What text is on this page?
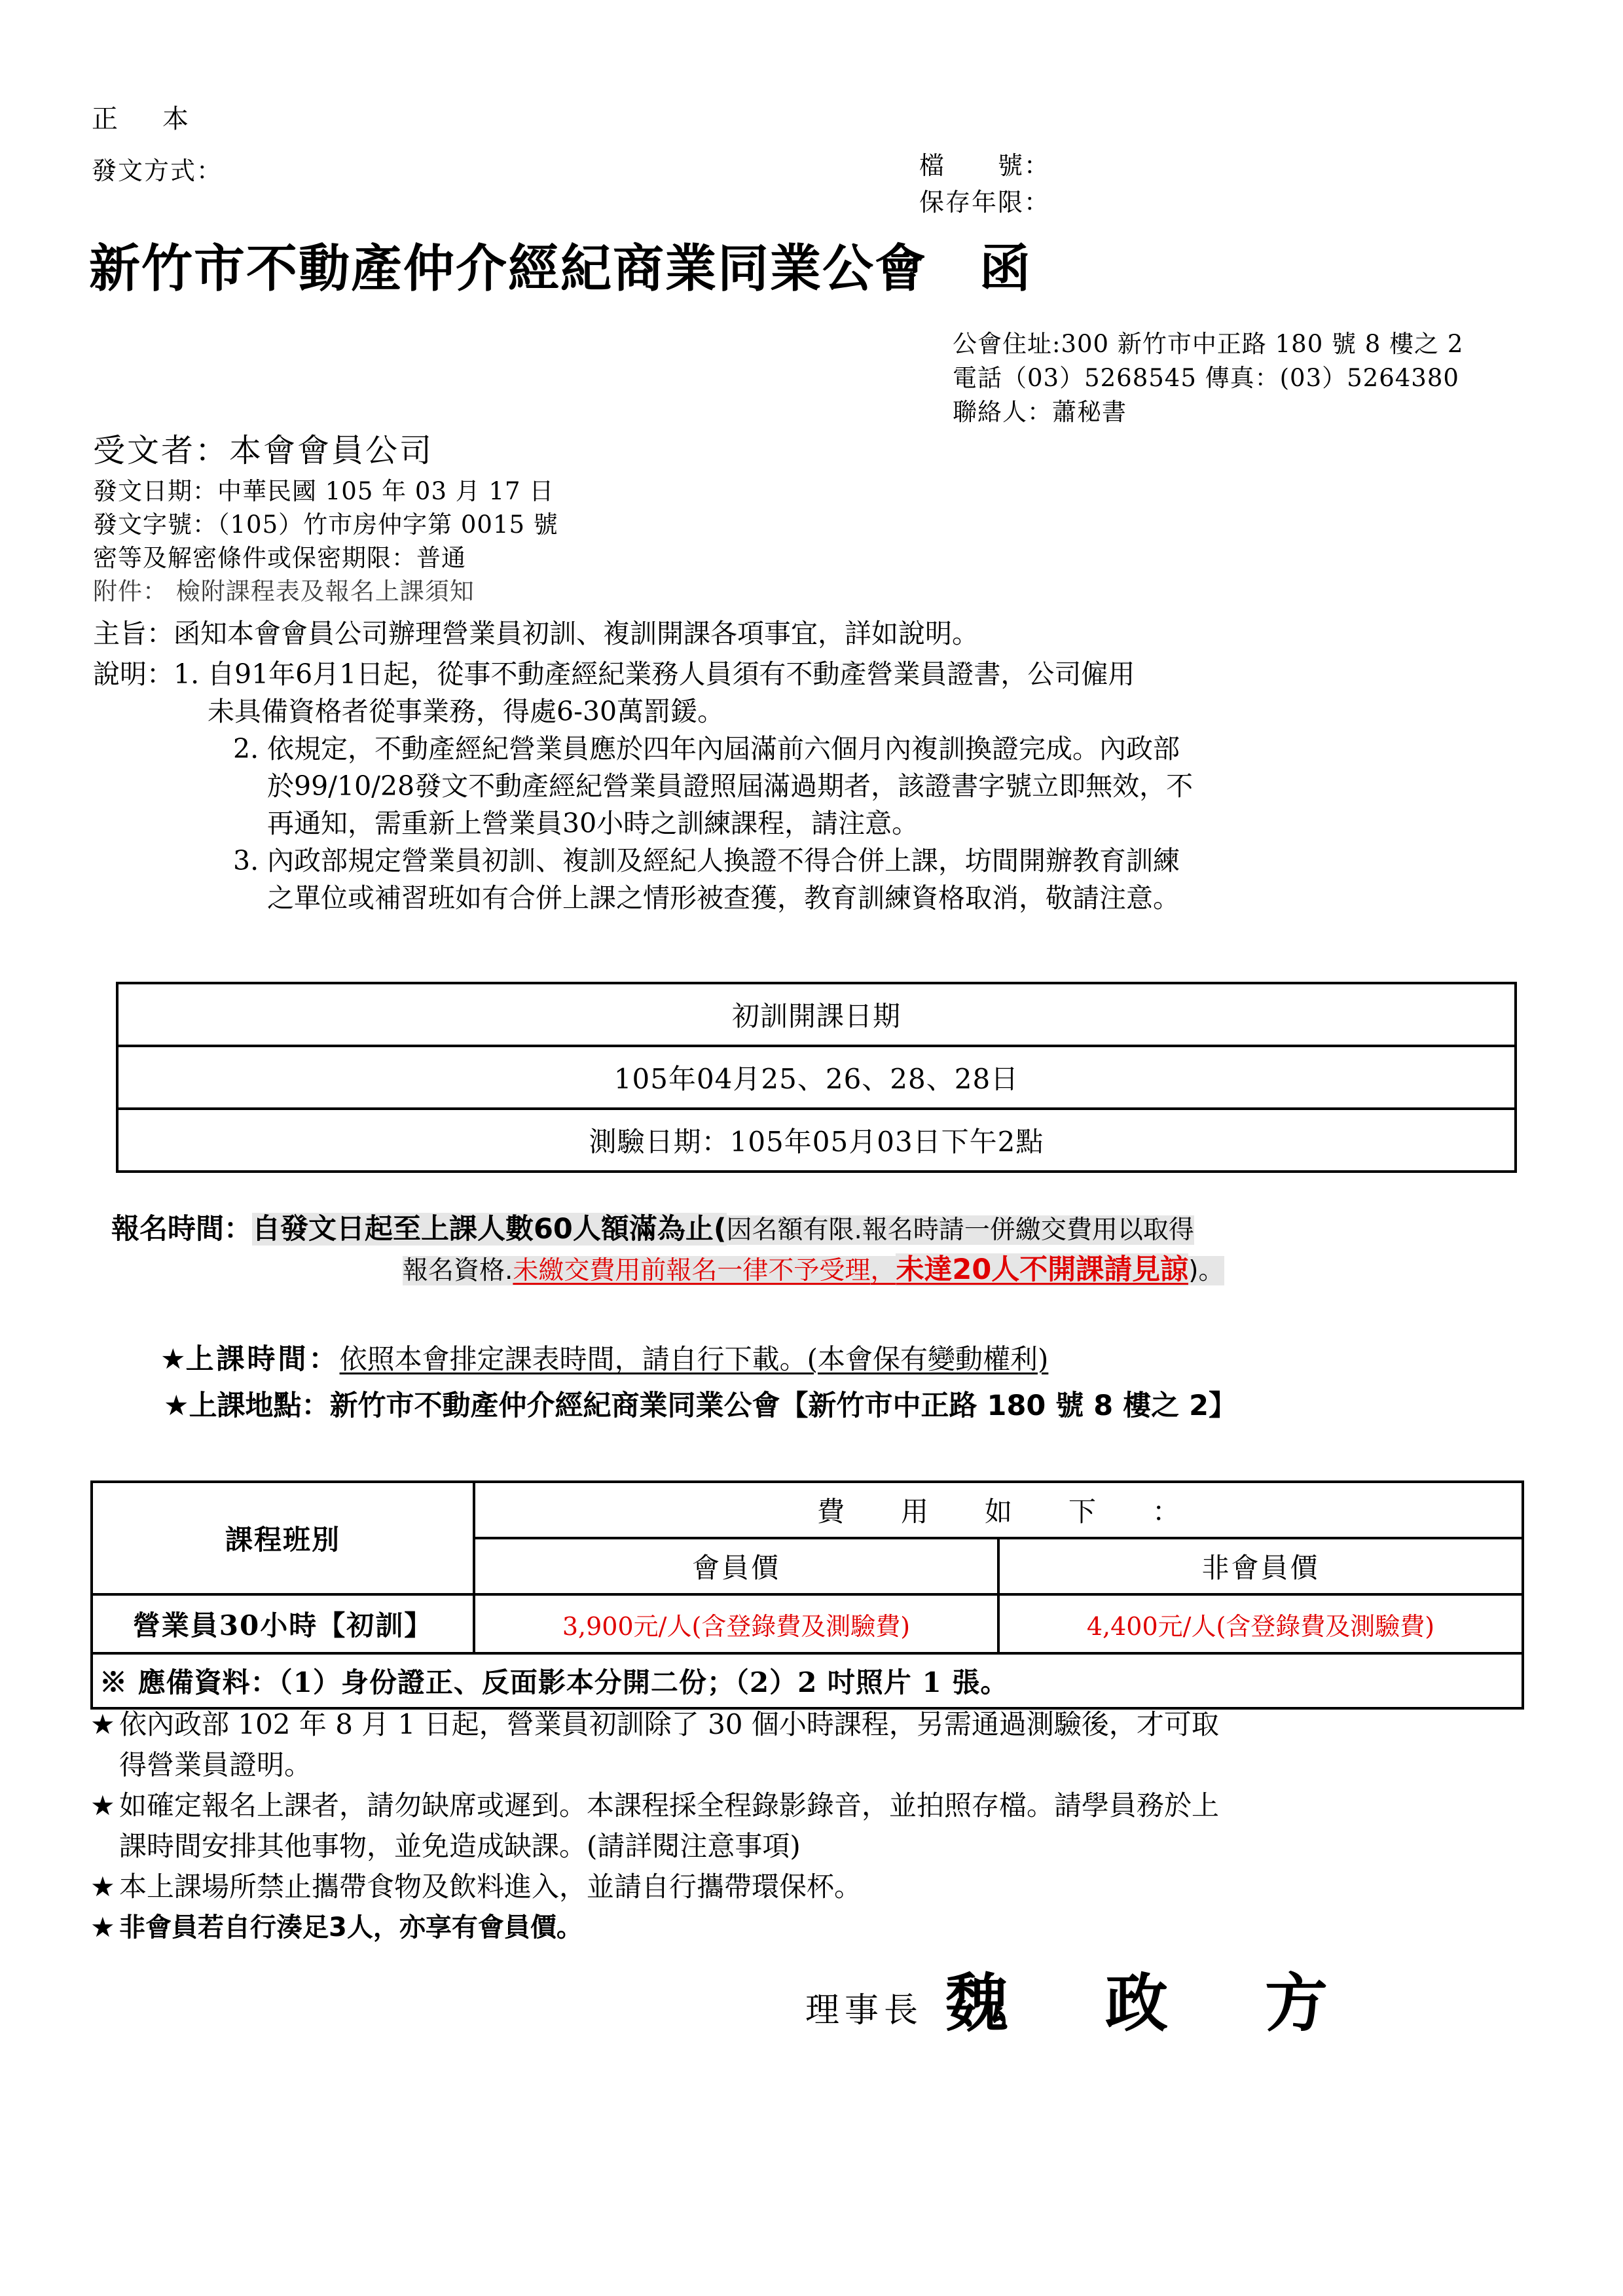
正　本
發文方式：	檔　　號：
保存年限：
新竹市不動產仲介經紀商業同業公會　函
公會住址:300 新竹市中正路 180 號 8 樓之 2
電話（03）5268545 傳真：(03）5264380
聯絡人：蕭秘書
受文者：本會會員公司
發文日期：中華民國 105 年 03 月 17 日
發文字號：（105）竹市房仲字第 0015 號
密等及解密條件或保密期限：普通
附件： 檢附課程表及報名上課須知
主旨：函知本會會員公司辦理營業員初訓、複訓開課各項事宜，詳如說明。
說明： 1. 自91年6月1日起，從事不動產經紀業務人員須有不動產營業員證書，公司僱用
未具備資格者從事業務，得處6-30萬罰鍰。
2. 依規定，不動產經紀營業員應於四年內屆滿前六個月內複訓換證完成。內政部
於99/10/28發文不動產經紀營業員證照屆滿過期者，該證書字號立即無效，不
再通知，需重新上營業員30小時之訓練課程，請注意。
3. 內政部規定營業員初訓、複訓及經紀人換證不得合併上課，坊間開辦教育訓練
之單位或補習班如有合併上課之情形被查獲，教育訓練資格取消，敬請注意。
初訓開課日期
105年04月25、26、28、28日
測驗日期：105年05月03日下午2點
報名時間：自發文日起至上課人數60人額滿為止(因名額有限.報名時請一併繳交費用以取得
報名資格.未繳交費用前報名一律不予受理，未達20人不開課請見諒)。
★上課時間：依照本會排定課表時間，請自行下載。(本會保有變動權利)
★上課地點：新竹市不動產仲介經紀商業同業公會【新竹市中正路 180 號 8 樓之 2】
課程班別	費　用　如　下　：	
	會員價	非會員價
營業員30小時【初訓】	3,900元/人(含登錄費及測驗費)	4,400元/人(含登錄費及測驗費)
※ 應備資料：（1）身份證正、反面影本分開二份；（2）2 吋照片 1 張。		
★ 依內政部 102 年 8 月 1 日起，營業員初訓除了 30 個小時課程，另需通過測驗後，才可取
得營業員證明。
★ 如確定報名上課者，請勿缺席或遲到。本課程採全程錄影錄音，並拍照存檔。請學員務於上
課時間安排其他事物，並免造成缺課。(請詳閱注意事項)
★ 本上課場所禁止攜帶食物及飲料進入，並請自行攜帶環保杯。
★ 非會員若自行湊足3人，亦享有會員價。
理事長 魏　政　方
